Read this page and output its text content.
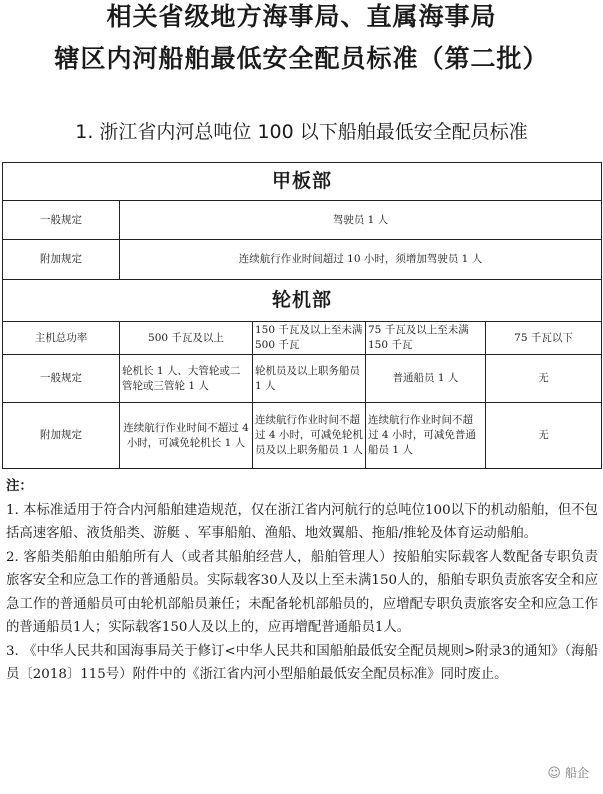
相关省级地方海事局、直属海事局
辖区内河船舶最低安全配员标准（第二批）
1. 浙江省内河总吨位 100 以下船舶最低安全配员标准
甲板部				
一般规定	驾驶员 1 人			
附加规定	连续航行作业时间超过 10 小时，须增加驾驶员 1 人			
轮机部				
主机总功率	500 千瓦及以上	150 千瓦及以上至未满 500 千瓦	75 千瓦及以上至未满 150 千瓦	75 千瓦以下
一般规定	轮机长 1 人、大管轮或二管轮或三管轮 1 人	轮机员及以上职务船员 1 人	普通船员 1 人	无
附加规定	连续航行作业时间不超过 4 小时，可减免轮机长 1 人	连续航行作业时间不超过 4 小时，可减免轮机员及以上职务船员 1 人	连续航行作业时间不超过 4 小时，可减免普通船员 1 人	无
注：

1. 本标准适用于符合内河船舶建造规范，仅在浙江省内河航行的总吨位100以下的机动船舶，但不包括高速客船、液货船类、游艇 、军事船舶、渔船、地效翼船、拖船/推轮及体育运动船舶。

2. 客船类船舶由船舶所有人（或者其船舶经营人，船舶管理人）按船舶实际载客人数配备专职负责旅客安全和应急工作的普通船员。实际载客30人及以上至未满150人的，船舶专职负责旅客安全和应急工作的普通船员可由轮机部船员兼任；未配备轮机部船员的，应增配专职负责旅客安全和应急工作的普通船员1人；实际载客150人及以上的，应再增配普通船员1人。

3. 《中华人民共和国海事局关于修订<中华人民共和国船舶最低安全配员规则>附录3的通知》（海船员〔2018〕115号）附件中的《浙江省内河小型船舶最低安全配员标准》同时废止。

☺ 船企
